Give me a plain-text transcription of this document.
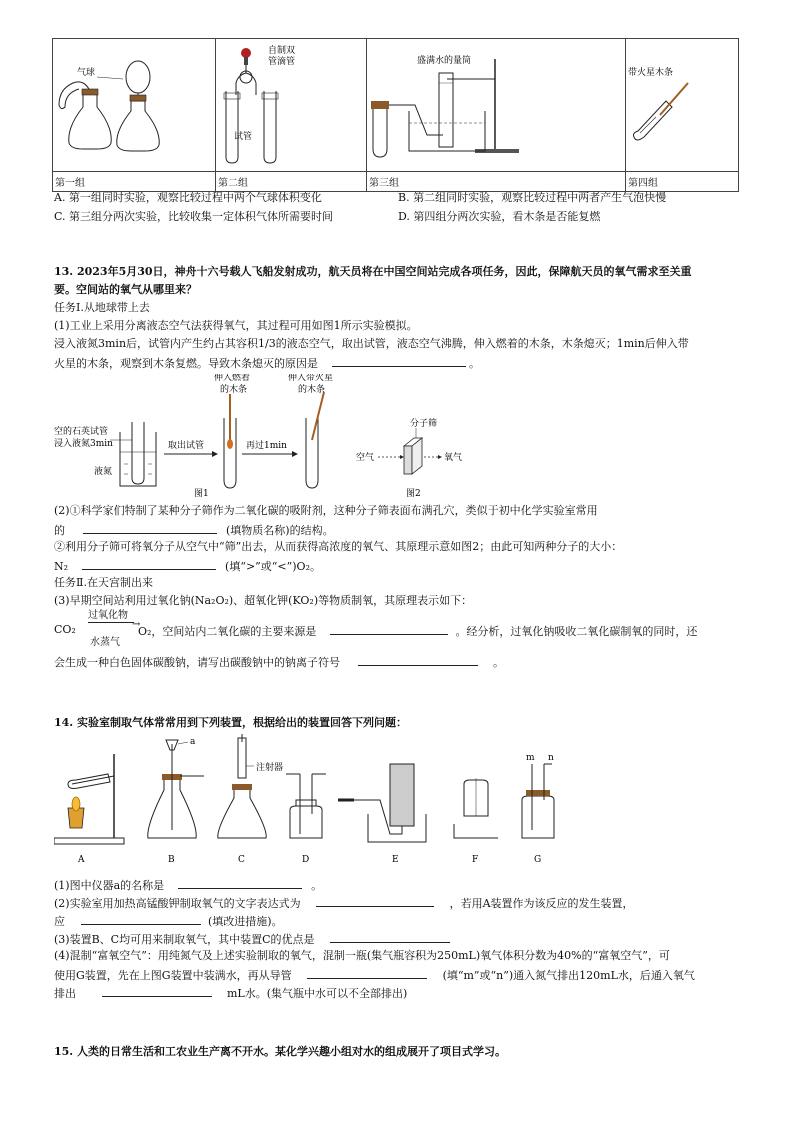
气球
第一组

自制双 管滴管
试管
第二组

盛满水的量筒
第三组

带火星木条
第四组
A. 第一组同时实验，观察比较过程中两个气球体积变化	B. 第二组同时实验，观察比较过程中两者产生气泡快慢
C. 第三组分两次实验，比较收集一定体积气体所需要时间	D. 第四组分两次实验，看木条是否能复燃
13. 2023年5月30日，神舟十六号载人飞船发射成功，航天员将在中国空间站完成各项任务，因此，保障航天员的氧气需求至关重
要。空间站的氧气从哪里来？
任务Ⅰ.从地球带上去
(1)工业上采用分离液态空气法获得氧气，其过程可用如图1所示实验模拟。
浸入液氮3min后，试管内产生约占其容积1/3的液态空气，取出试管，液态空气沸腾，伸入燃着的木条，木条熄灭；1min后伸入带
火星的木条，观察到木条复燃。导致木条熄灭的原因是	。
空的石英试管浸入液氮3min
液氮
取出试管
伸入燃着的木条
再过1min
伸入带火星的木条
图1
分子筛
空气	氧气
图2
(2)①科学家们特制了某种分子筛作为二氧化碳的吸附剂，这种分子筛表面布满孔穴，类似于初中化学实验室常用
的	(填物质名称)的结构。
②利用分子筛可将氧分子从空气中“筛”出去，从而获得高浓度的氧气、其原理示意如图2；由此可知两种分子的大小：
N₂	(填“>”或“<”)O₂。
任务Ⅱ.在天宫制出来
(3)早期空间站利用过氧化钠(Na₂O₂)、超氧化钾(KO₂)等物质制氧，其原理表示如下：
过氧化物
→
水蒸气
CO₂	O₂，空间站内二氧化碳的主要来源是	。经分析，过氧化钠吸收二氧化碳制氧的同时，还
会生成一种白色固体碳酸钠，请写出碳酸钠中的钠离子符号	。
14. 实验室制取气体常常用到下列装置，根据给出的装置回答下列问题：
A
a
B
注射器
C	D	E	F
m n
G
(1)图中仪器a的名称是	。
(2)实验室用加热高锰酸钾制取氧气的文字表达式为	，若用A装置作为该反应的发生装置，
应	(填改进措施)。
(3)装置B、C均可用来制取氧气，其中装置C的优点是
(4)混制“富氧空气”：用纯氮气及上述实验制取的氧气，混制一瓶(集气瓶容积为250mL)氧气体积分数为40%的“富氧空气”，可
使用G装置，先在上图G装置中装满水，再从导管	(填“m”或“n”)通入氮气排出120mL水，后通入氧气
排出	mL水。(集气瓶中水可以不全部排出)
15. 人类的日常生活和工农业生产离不开水。某化学兴趣小组对水的组成展开了项目式学习。
